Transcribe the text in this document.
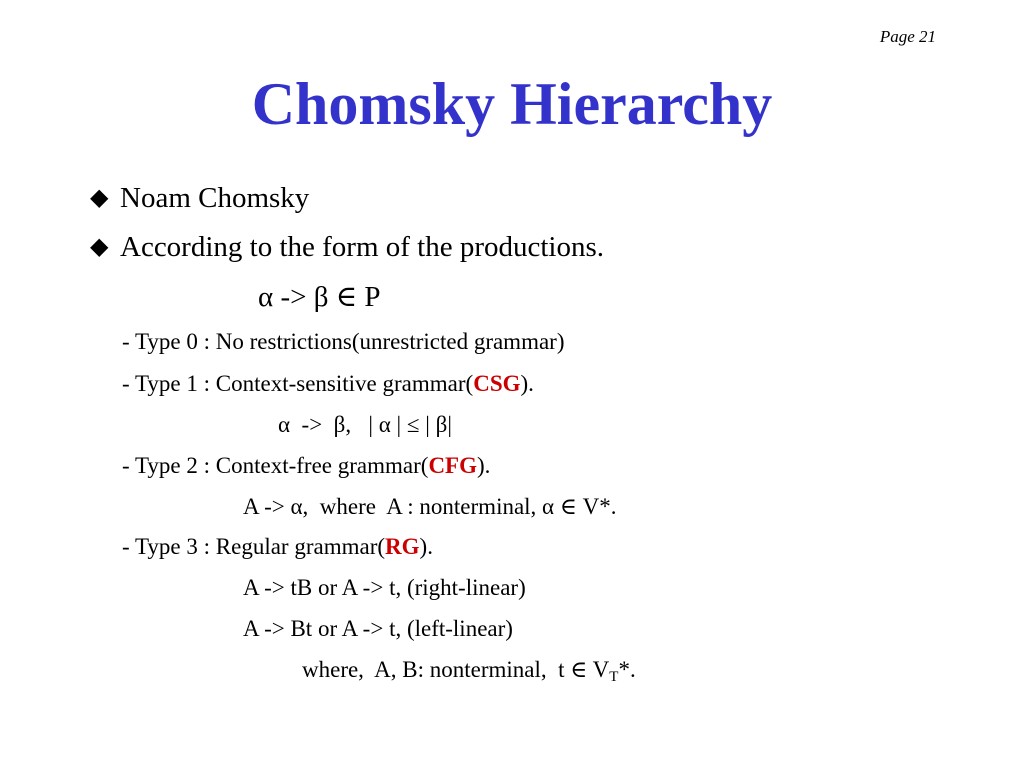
Page 21
Chomsky Hierarchy
◆ Noam Chomsky
◆ According to the form of the productions.
α -> β ∈ P
- Type 0 : No restrictions(unrestricted grammar)
- Type 1 : Context-sensitive grammar(CSG).
α  ->  β,   | α | ≤ | β|
- Type 2 : Context-free grammar(CFG).
A -> α,  where  A : nonterminal, α ∈ V*.
- Type 3 : Regular grammar(RG).
A -> tB or A -> t, (right-linear)
A -> Bt or A -> t, (left-linear)
where,  A, B: nonterminal,  t ∈ $V_T*$.
